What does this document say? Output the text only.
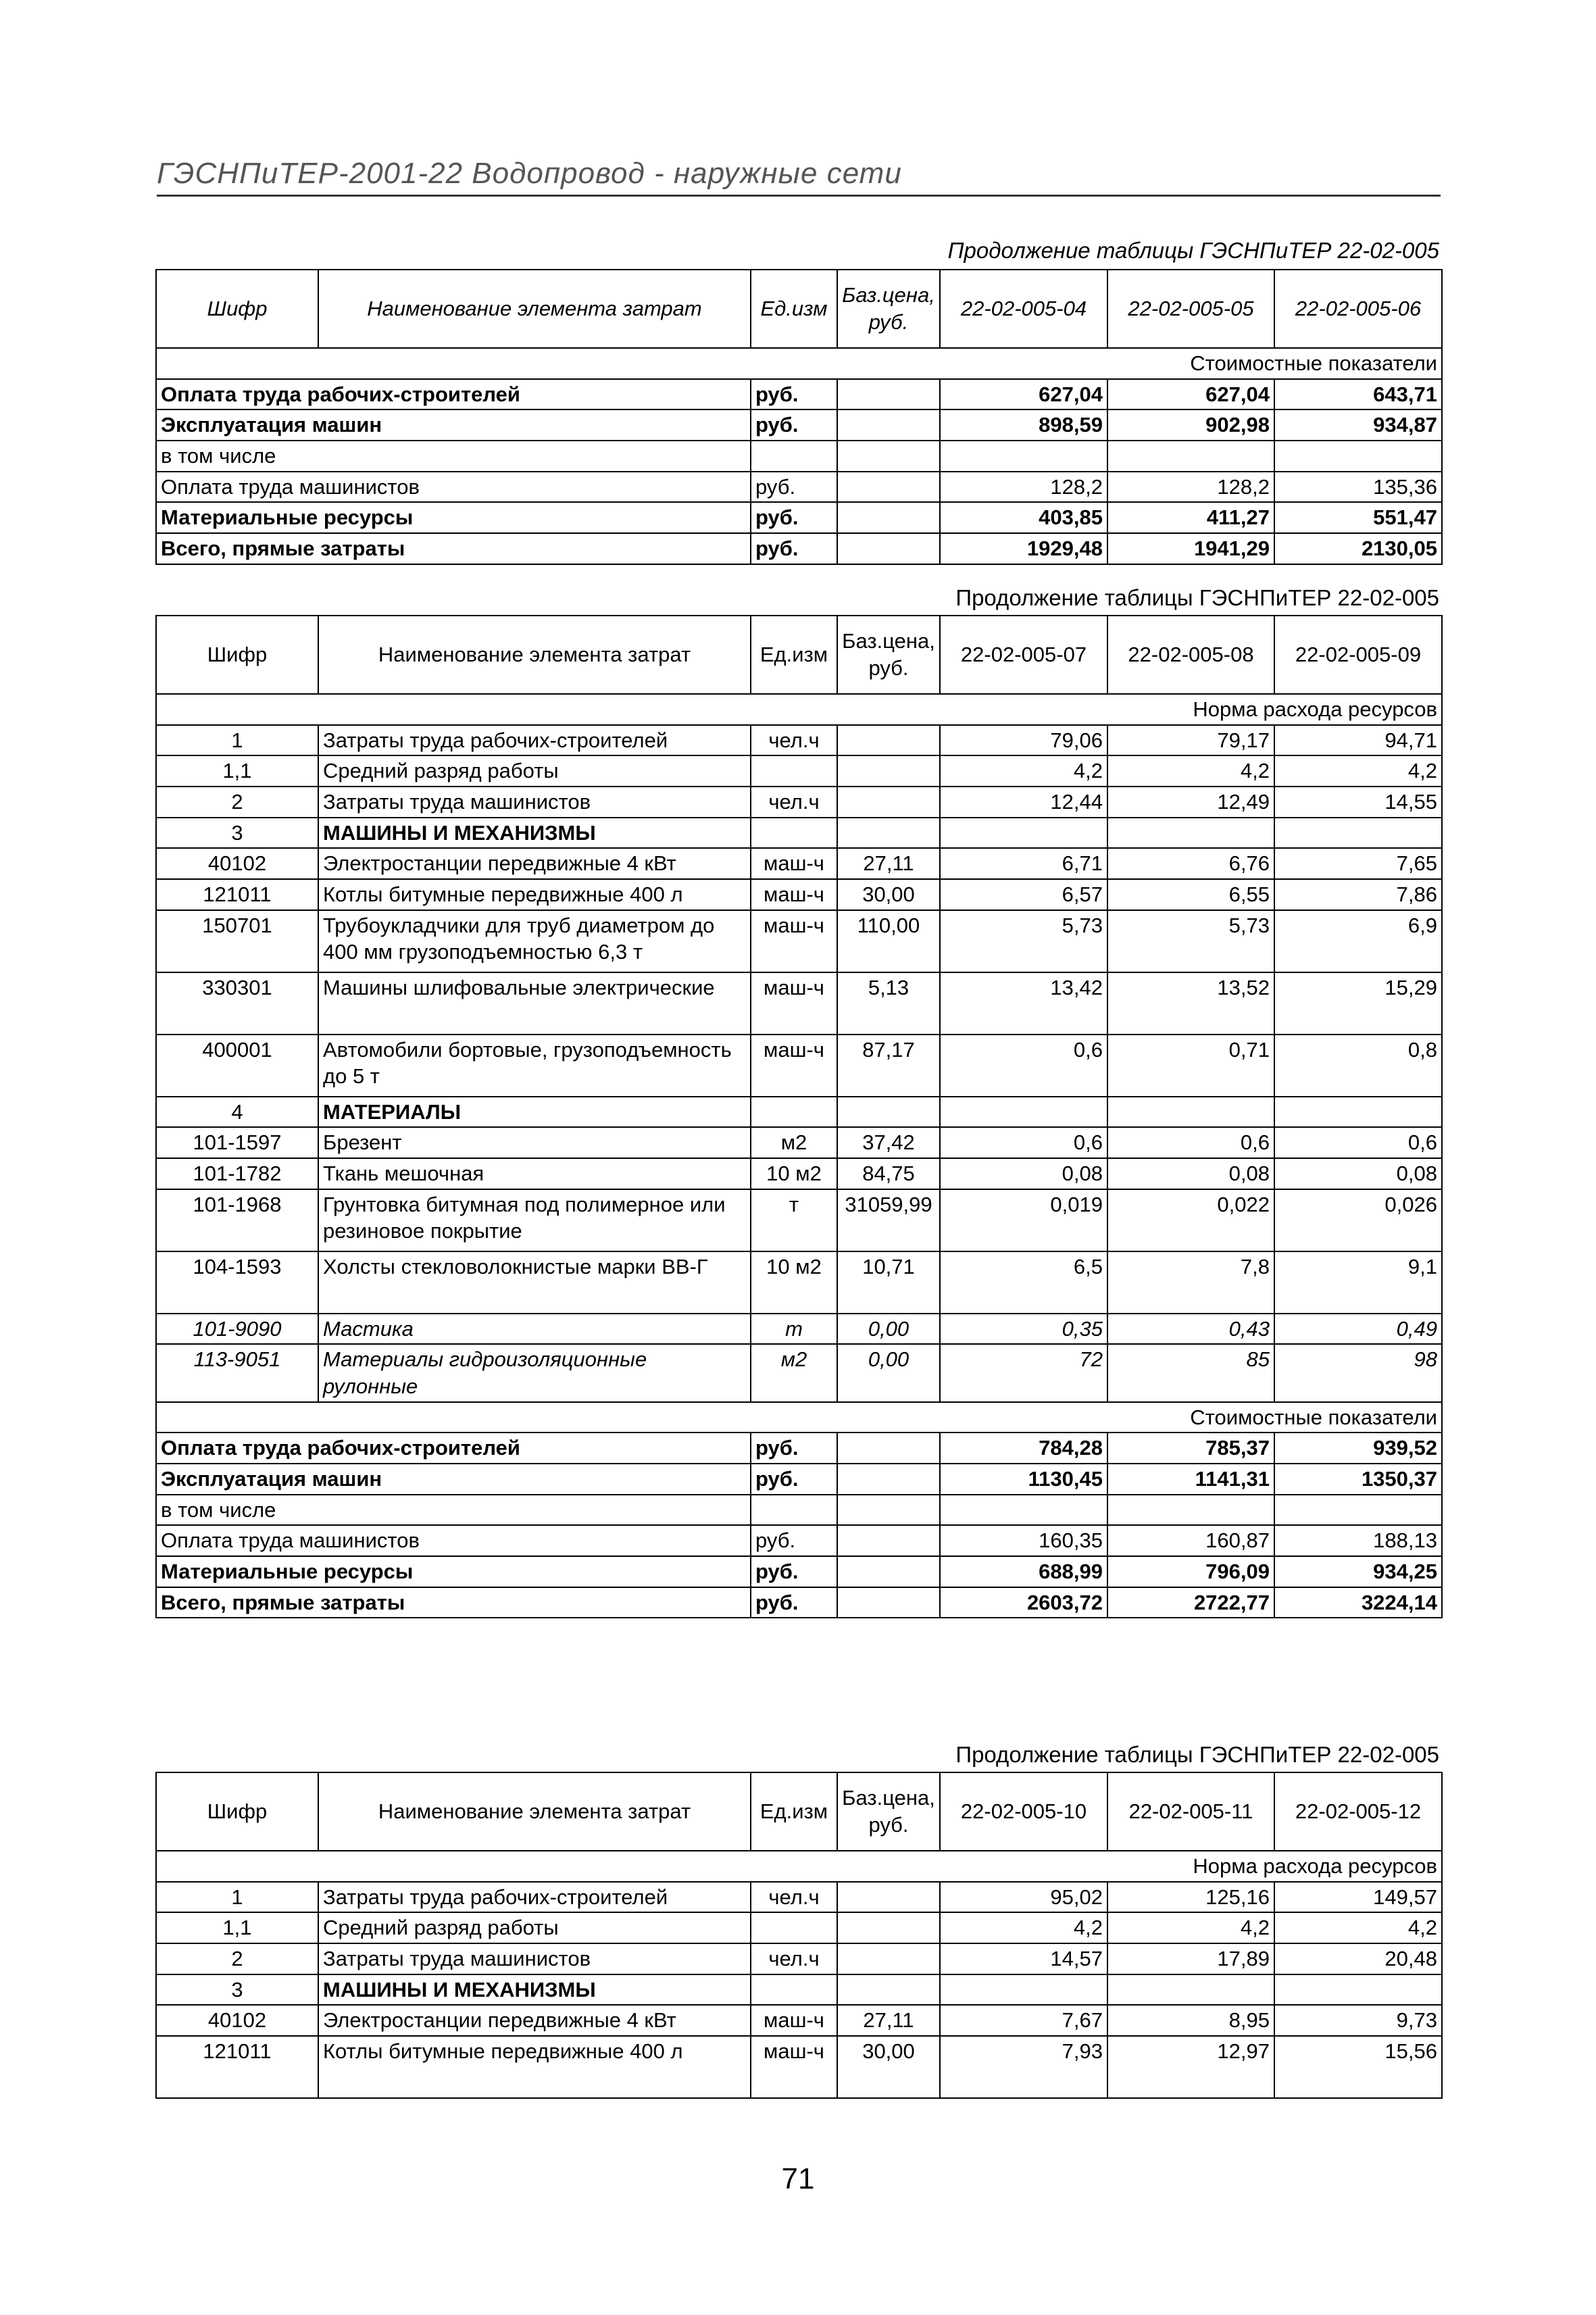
ГЭСНПиТЕР-2001-22 Водопровод - наружные сети
Продолжение таблицы ГЭСНПиТЕР 22-02-005
Шифр	Наименование элемента затрат	Ед.изм	Баз.цена, руб.	22-02-005-04	22-02-005-05	22-02-005-06
Стоимостные показатели						
Оплата труда рабочих-строителей		руб.		627,04	627,04	643,71
Эксплуатация машин		руб.		898,59	902,98	934,87
в том числе						
Оплата труда машинистов		руб.		128,2	128,2	135,36
Материальные ресурсы		руб.		403,85	411,27	551,47
Всего, прямые затраты		руб.		1929,48	1941,29	2130,05
Продолжение таблицы ГЭСНПиТЕР 22-02-005
Шифр	Наименование элемента затрат	Ед.изм	Баз.цена, руб.	22-02-005-07	22-02-005-08	22-02-005-09
Норма расхода ресурсов						
1	Затраты труда рабочих-строителей	чел.ч		79,06	79,17	94,71
1,1	Средний разряд работы			4,2	4,2	4,2
2	Затраты труда машинистов	чел.ч		12,44	12,49	14,55
3	МАШИНЫ И МЕХАНИЗМЫ					
40102	Электростанции передвижные 4 кВт	маш-ч	27,11	6,71	6,76	7,65
121011	Котлы битумные передвижные 400 л	маш-ч	30,00	6,57	6,55	7,86
150701	Трубоукладчики для труб диаметром до 400 мм грузоподъемностью 6,3 т	маш-ч	110,00	5,73	5,73	6,9
330301	Машины шлифовальные электрические	маш-ч	5,13	13,42	13,52	15,29
400001	Автомобили бортовые, грузоподъемность до 5 т	маш-ч	87,17	0,6	0,71	0,8
4	МАТЕРИАЛЫ					
101-1597	Брезент	м2	37,42	0,6	0,6	0,6
101-1782	Ткань мешочная	10 м2	84,75	0,08	0,08	0,08
101-1968	Грунтовка битумная под полимерное или резиновое покрытие	т	31059,99	0,019	0,022	0,026
104-1593	Холсты стекловолокнистые марки ВВ-Г	10 м2	10,71	6,5	7,8	9,1
101-9090	Мастика	т	0,00	0,35	0,43	0,49
113-9051	Материалы гидроизоляционные рулонные	м2	0,00	72	85	98
Стоимостные показатели						
Оплата труда рабочих-строителей		руб.		784,28	785,37	939,52
Эксплуатация машин		руб.		1130,45	1141,31	1350,37
в том числе						
Оплата труда машинистов		руб.		160,35	160,87	188,13
Материальные ресурсы		руб.		688,99	796,09	934,25
Всего, прямые затраты		руб.		2603,72	2722,77	3224,14
Продолжение таблицы ГЭСНПиТЕР 22-02-005
Шифр	Наименование элемента затрат	Ед.изм	Баз.цена, руб.	22-02-005-10	22-02-005-11	22-02-005-12
Норма расхода ресурсов						
1	Затраты труда рабочих-строителей	чел.ч		95,02	125,16	149,57
1,1	Средний разряд работы			4,2	4,2	4,2
2	Затраты труда машинистов	чел.ч		14,57	17,89	20,48
3	МАШИНЫ И МЕХАНИЗМЫ					
40102	Электростанции передвижные 4 кВт	маш-ч	27,11	7,67	8,95	9,73
121011	Котлы битумные передвижные 400 л	маш-ч	30,00	7,93	12,97	15,56
71
